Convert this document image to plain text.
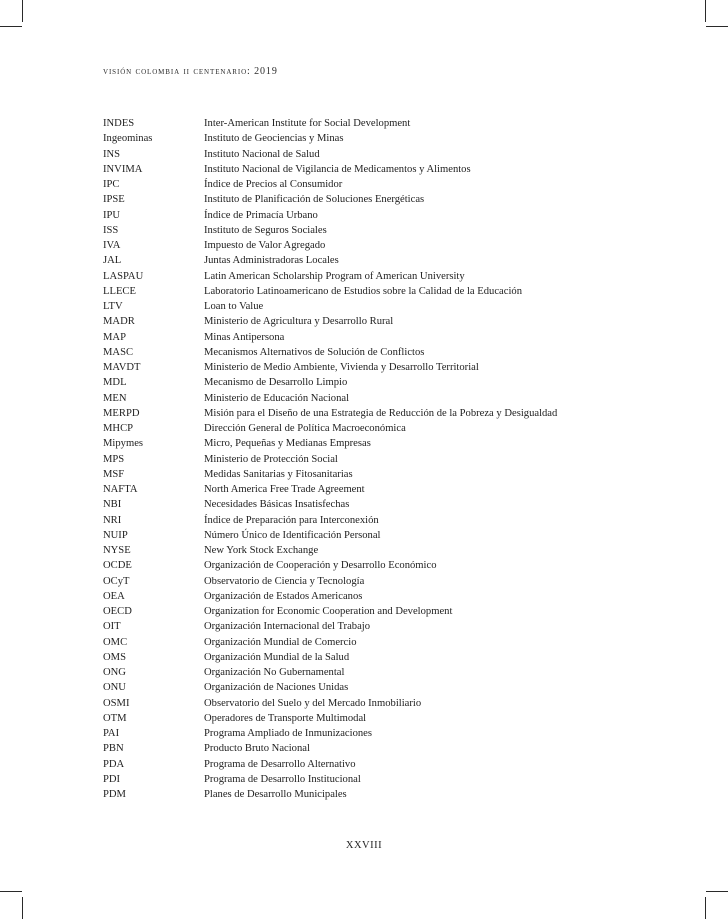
visión colombia ii centenario: 2019
INDES	Inter-American Institute for Social Development
Ingeominas	Instituto de Geociencias y Minas
INS	Instituto Nacional de Salud
INVIMA	Instituto Nacional de Vigilancia de Medicamentos y Alimentos
IPC	Índice de Precios al Consumidor
IPSE	Instituto de Planificación de Soluciones Energéticas
IPU	Índice de Primacía Urbano
ISS	Instituto de Seguros Sociales
IVA	Impuesto de Valor Agregado
JAL	Juntas Administradoras Locales
LASPAU	Latin American Scholarship Program of American University
LLECE	Laboratorio Latinoamericano de Estudios sobre la Calidad de la Educación
LTV	Loan to Value
MADR	Ministerio de Agricultura y Desarrollo Rural
MAP	Minas Antipersona
MASC	Mecanismos Alternativos de Solución de Conflictos
MAVDT	Ministerio de Medio Ambiente, Vivienda y Desarrollo Territorial
MDL	Mecanismo de Desarrollo Limpio
MEN	Ministerio de Educación Nacional
MERPD	Misión para el Diseño de una Estrategia de Reducción de la Pobreza y Desigualdad
MHCP	Dirección General de Política Macroeconómica
Mipymes	Micro, Pequeñas y Medianas Empresas
MPS	Ministerio de Protección Social
MSF	Medidas Sanitarias y Fitosanitarias
NAFTA	North America Free Trade Agreement
NBI	Necesidades Básicas Insatisfechas
NRI	Índice de Preparación para Interconexión
NUIP	Número Único de Identificación Personal
NYSE	New York Stock Exchange
OCDE	Organización de Cooperación y Desarrollo Económico
OCyT	Observatorio de Ciencia y Tecnología
OEA	Organización de Estados Americanos
OECD	Organization for Economic Cooperation and Development
OIT	Organización Internacional del Trabajo
OMC	Organización Mundial de Comercio
OMS	Organización Mundial de la Salud
ONG	Organización No Gubernamental
ONU	Organización de Naciones Unidas
OSMI	Observatorio del Suelo y del Mercado Inmobiliario
OTM	Operadores de Transporte Multimodal
PAI	Programa Ampliado de Inmunizaciones
PBN	Producto Bruto Nacional
PDA	Programa de Desarrollo Alternativo
PDI	Programa de Desarrollo Institucional
PDM	Planes de Desarrollo Municipales
XXVIII
